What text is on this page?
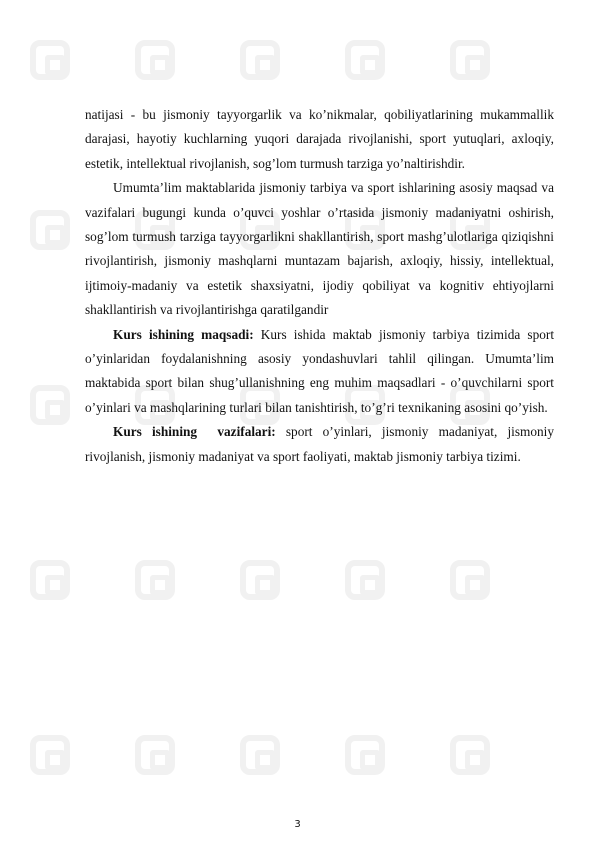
natijasi - bu jismoniy tayyorgarlik va ko’nikmalar, qobiliyatlarining mukammallik darajasi, hayotiy kuchlarning yuqori darajada rivojlanishi, sport yutuqlari, axloqiy, estetik, intellektual rivojlanish, sog’lom turmush tarziga yo’naltirishdir.

Umumta’lim maktablarida jismoniy tarbiya va sport ishlarining asosiy maqsad va vazifalari bugungi kunda o’quvci yoshlar o’rtasida jismoniy madaniyatni oshirish, sog’lom turmush tarziga tayyorgarlikni shakllantirish, sport mashg’ulotlariga qiziqishni rivojlantirish, jismoniy mashqlarni muntazam bajarish, axloqiy, hissiy, intellektual, ijtimoiy-madaniy va estetik shaxsiyatni, ijodiy qobiliyat va kognitiv ehtiyojlarni shakllantirish va rivojlantirishga qaratilgandir

Kurs ishining maqsadi: Kurs ishida maktab jismoniy tarbiya tizimida sport o’yinlaridan foydalanishning asosiy yondashuvlari tahlil qilingan. Umumta’lim maktabida sport bilan shug’ullanishning eng muhim maqsadlari - o’quvchilarni sport o’yinlari va mashqlarining turlari bilan tanishtirish, to’g’ri texnikaning asosini qo’yish.

Kurs ishining  vazifalari: sport o’yinlari, jismoniy madaniyat, jismoniy rivojlanish, jismoniy madaniyat va sport faoliyati, maktab jismoniy tarbiya tizimi.

3
